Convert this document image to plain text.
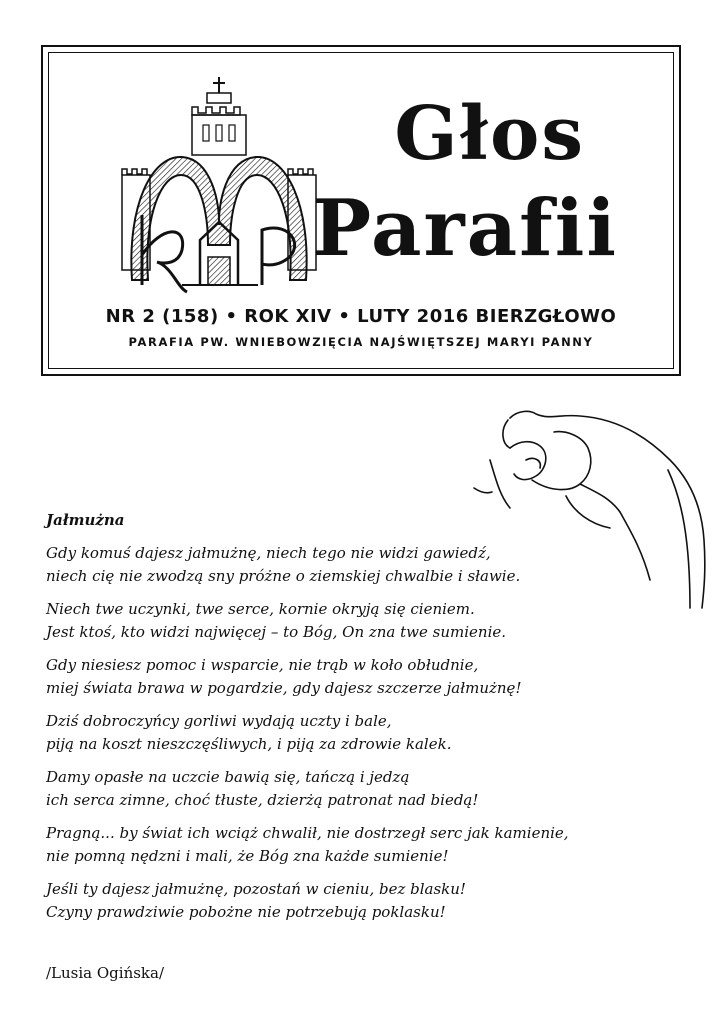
Głos
Parafii
NR 2 (158) • ROK XIV • LUTY 2016 BIERZGŁOWO
PARAFIA PW. WNIEBOWZIĘCIA NAJŚWIĘTSZEJ MARYI PANNY
Jałmużna
Gdy komuś dajesz jałmużnę, niech tego nie widzi gawiedź,
niech cię nie zwodzą sny próżne o ziemskiej chwalbie i sławie.
Niech twe uczynki, twe serce, kornie okryją się cieniem.
Jest ktoś, kto widzi najwięcej – to Bóg, On zna twe sumienie.
Gdy niesiesz pomoc i wsparcie, nie trąb w koło obłudnie,
miej świata brawa w pogardzie, gdy dajesz szczerze jałmużnę!
Dziś dobroczyńcy gorliwi wydają uczty i bale,
piją na koszt nieszczęśliwych, i piją za zdrowie kalek.
Damy opasłe na uczcie bawią się, tańczą i jedzą
ich serca zimne, choć tłuste, dzierżą patronat nad biedą!
Pragną... by świat ich wciąż chwalił, nie dostrzegł serc jak kamienie,
nie pomną nędzni i mali, że Bóg zna każde sumienie!
Jeśli ty dajesz jałmużnę, pozostań w cieniu, bez blasku!
Czyny prawdziwie pobożne nie potrzebują poklasku!
/Lusia Ogińska/
